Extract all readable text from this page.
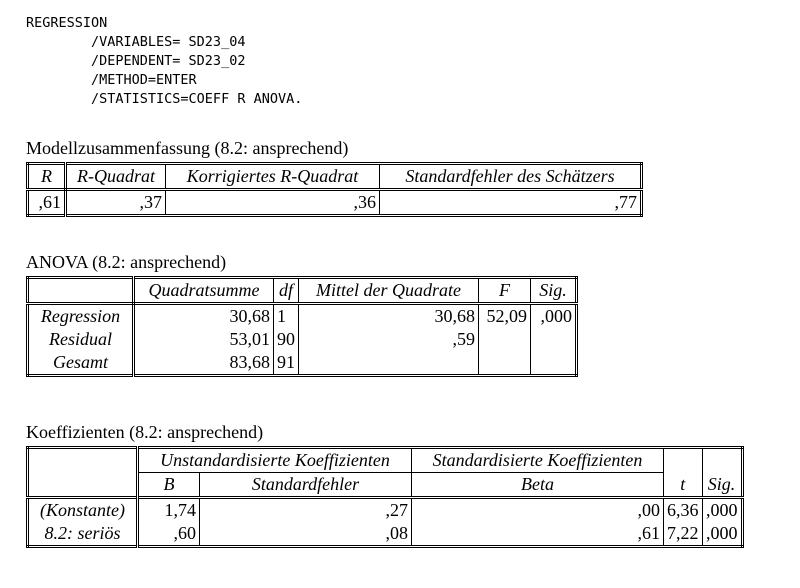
REGRESSION
/VARIABLES= SD23_04
/DEPENDENT= SD23_02
/METHOD=ENTER
/STATISTICS=COEFF R ANOVA.
Modellzusammenfassung (8.2: ansprechend)
R	R-Quadrat	Korrigiertes R-Quadrat	Standardfehler des Schätzers
,61	,37	,36	,77
ANOVA (8.2: ansprechend)
	Quadratsumme	df	Mittel der Quadrate	F	Sig.
Regression	30,68	1	30,68	52,09	,000
Residual	53,01	90	,59		
Gesamt	83,68	91			
Koeffizienten (8.2: ansprechend)
	Unstandardisierte Koeffizienten		Standardisierte Koeffizienten		
	B	Standardfehler	Beta	t	Sig.
(Konstante)	1,74	,27	,00	6,36	,000
8.2: seriös	,60	,08	,61	7,22	,000
